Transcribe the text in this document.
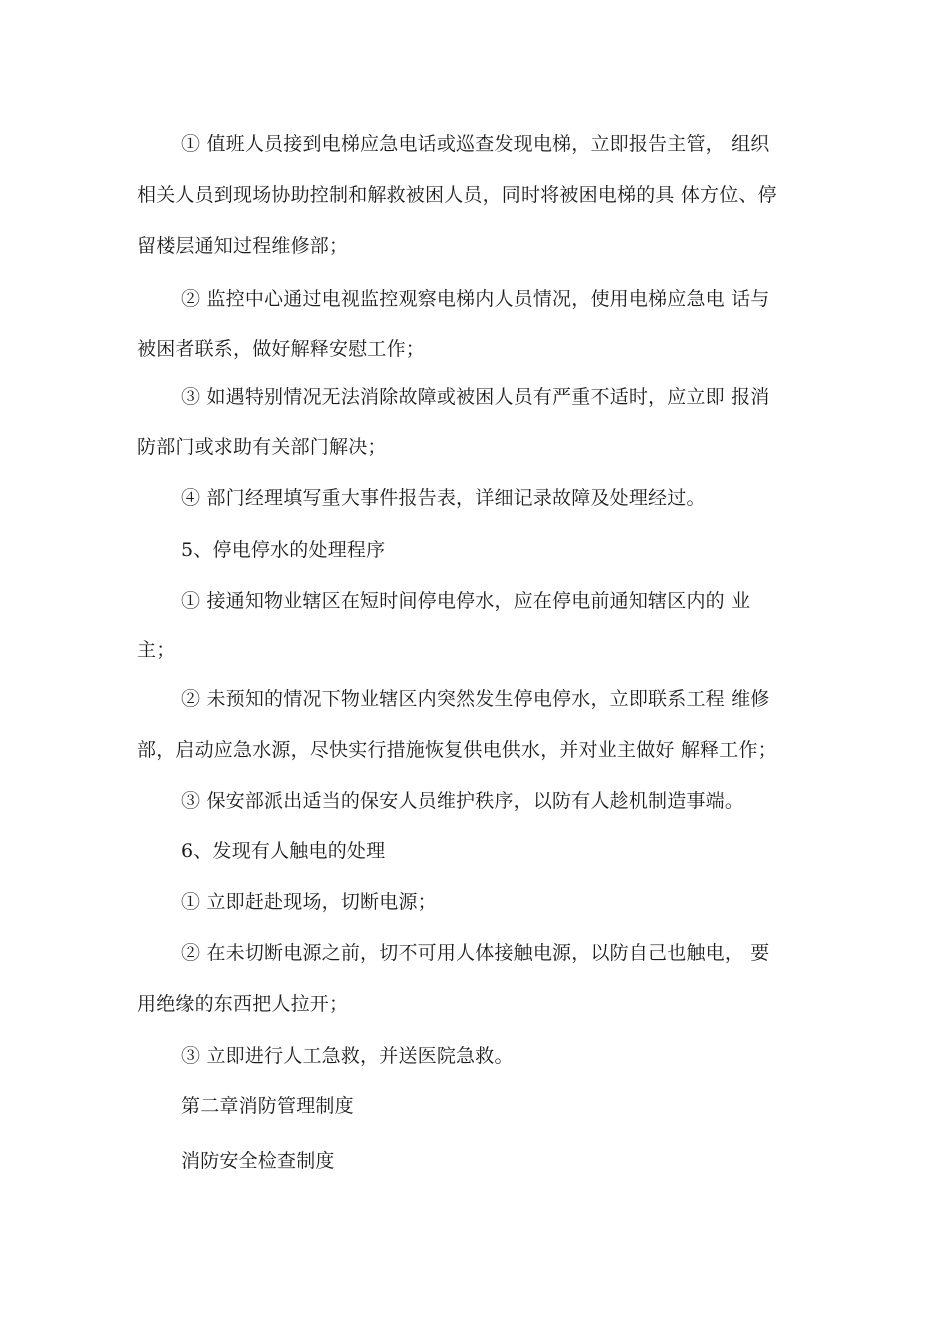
① 值班人员接到电梯应急电话或巡查发现电梯，立即报告主管， 组织
相关人员到现场协助控制和解救被困人员，同时将被困电梯的具 体方位、停
留楼层通知过程维修部；
② 监控中心通过电视监控观察电梯内人员情况，使用电梯应急电 话与
被困者联系，做好解释安慰工作；
③ 如遇特别情况无法消除故障或被困人员有严重不适时，应立即 报消
防部门或求助有关部门解决；
④ 部门经理填写重大事件报告表，详细记录故障及处理经过。
5、停电停水的处理程序
① 接通知物业辖区在短时间停电停水，应在停电前通知辖区内的 业
主；
② 未预知的情况下物业辖区内突然发生停电停水，立即联系工程 维修
部，启动应急水源，尽快实行措施恢复供电供水，并对业主做好 解释工作；
③ 保安部派出适当的保安人员维护秩序，以防有人趁机制造事端。
6、发现有人触电的处理
① 立即赶赴现场，切断电源；
② 在未切断电源之前，切不可用人体接触电源，以防自己也触电， 要
用绝缘的东西把人拉开；
③ 立即进行人工急救，并送医院急救。
第二章消防管理制度
消防安全检查制度
